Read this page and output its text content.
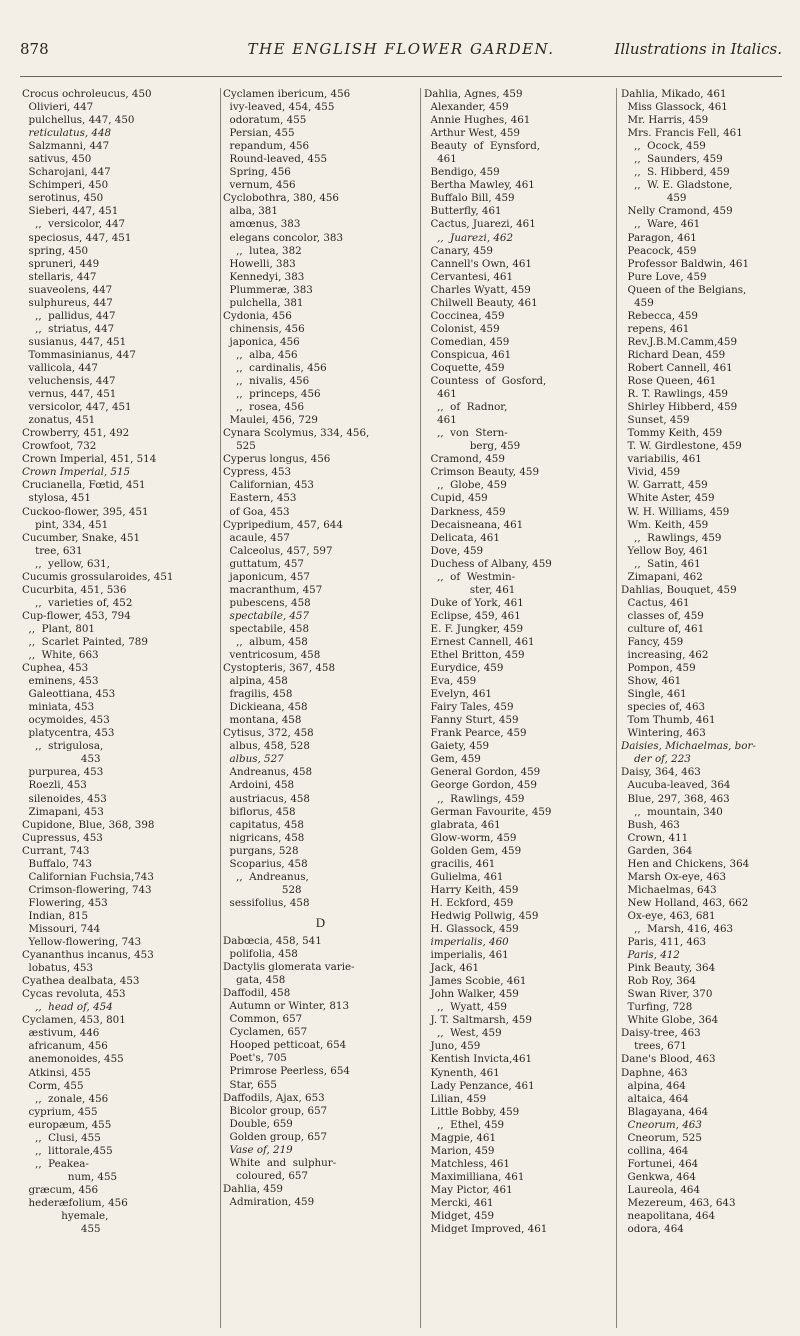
878	THE ENGLISH FLOWER GARDEN.	Illustrations in Italics.
Crocus ochroleucus, 450
Olivieri, 447
pulchellus, 447, 450
reticulatus, 448
Salzmanni, 447
sativus, 450
Scharojani, 447
Schimperi, 450
serotinus, 450
Sieberi, 447, 451
,,  versicolor, 447
speciosus, 447, 451
spring, 450
spruneri, 449
stellaris, 447
suaveolens, 447
sulphureus, 447
,,  pallidus, 447
,,  striatus, 447
susianus, 447, 451
Tommasinianus, 447
vallicola, 447
veluchensis, 447
vernus, 447, 451
versicolor, 447, 451
zonatus, 451
Crowberry, 451, 492
Crowfoot, 732
Crown Imperial, 451, 514
Crown Imperial, 515
Crucianella, Fœtid, 451
stylosa, 451
Cuckoo-flower, 395, 451
pint, 334, 451
Cucumber, Snake, 451
tree, 631
,,  yellow, 631,
Cucumis grossularoides, 451
Cucurbita, 451, 536
,,  varieties of, 452
Cup-flower, 453, 794
,,  Plant, 801
,,  Scarlet Painted, 789
,,  White, 663
Cuphea, 453
eminens, 453
Galeottiana, 453
miniata, 453
ocymoides, 453
platycentra, 453
,,  strigulosa,
453
purpurea, 453
Roezli, 453
silenoides, 453
Zimapani, 453
Cupidone, Blue, 368, 398
Cupressus, 453
Currant, 743
Buffalo, 743
Californian Fuchsia,743
Crimson-flowering, 743
Flowering, 453
Indian, 815
Missouri, 744
Yellow-flowering, 743
Cyananthus incanus, 453
lobatus, 453
Cyathea dealbata, 453
Cycas revoluta, 453
,,  head of, 454
Cyclamen, 453, 801
æstivum, 446
africanum, 456
anemonoides, 455
Atkinsi, 455
Corm, 455
,,  zonale, 456
cyprium, 455
europæum, 455
,,  Clusi, 455
,,  littorale,455
,,  Peakea-
num, 455
græcum, 456
hederæfolium, 456
hyemale,
455
Cyclamen ibericum, 456
ivy-leaved, 454, 455
odoratum, 455
Persian, 455
repandum, 456
Round-leaved, 455
Spring, 456
vernum, 456
Cyclobothra, 380, 456
alba, 381
amœnus, 383
elegans concolor, 383
,,  lutea, 382
Howelli, 383
Kennedyi, 383
Plummeræ, 383
pulchella, 381
Cydonia, 456
chinensis, 456
japonica, 456
,,  alba, 456
,,  cardinalis, 456
,,  nivalis, 456
,,  princeps, 456
,,  rosea, 456
Maulei, 456, 729
Cynara Scolymus, 334, 456,
525
Cyperus longus, 456
Cypress, 453
Californian, 453
Eastern, 453
of Goa, 453
Cypripedium, 457, 644
acaule, 457
Calceolus, 457, 597
guttatum, 457
japonicum, 457
macranthum, 457
pubescens, 458
spectabile, 457
spectabile, 458
,,  album, 458
ventricosum, 458
Cystopteris, 367, 458
alpina, 458
fragilis, 458
Dickieana, 458
montana, 458
Cytisus, 372, 458
albus, 458, 528
albus, 527
Andreanus, 458
Ardoini, 458
austriacus, 458
biflorus, 458
capitatus, 458
nigricans, 458
purgans, 528
Scoparius, 458
,,  Andreanus,
528
sessifolius, 458
D
Dabœcia, 458, 541
polifolia, 458
Dactylis glomerata varie-
gata, 458
Daffodil, 458
Autumn or Winter, 813
Common, 657
Cyclamen, 657
Hooped petticoat, 654
Poet's, 705
Primrose Peerless, 654
Star, 655
Daffodils, Ajax, 653
Bicolor group, 657
Double, 659
Golden group, 657
Vase of, 219
White  and  sulphur-
coloured, 657
Dahlia, 459
Admiration, 459
Dahlia, Agnes, 459
Alexander, 459
Annie Hughes, 461
Arthur West, 459
Beauty  of  Eynsford,
461
Bendigo, 459
Bertha Mawley, 461
Buffalo Bill, 459
Butterfly, 461
Cactus, Juarezi, 461
,,  Juarezi, 462
Canary, 459
Cannell's Own, 461
Cervantesi, 461
Charles Wyatt, 459
Chilwell Beauty, 461
Coccinea, 459
Colonist, 459
Comedian, 459
Conspicua, 461
Coquette, 459
Countess  of  Gosford,
461
,,  of  Radnor,
461
,,  von  Stern-
berg, 459
Cramond, 459
Crimson Beauty, 459
,,  Globe, 459
Cupid, 459
Darkness, 459
Decaisneana, 461
Delicata, 461
Dove, 459
Duchess of Albany, 459
,,  of  Westmin-
ster, 461
Duke of York, 461
Eclipse, 459, 461
E. F. Jungker, 459
Ernest Cannell, 461
Ethel Britton, 459
Eurydice, 459
Eva, 459
Evelyn, 461
Fairy Tales, 459
Fanny Sturt, 459
Frank Pearce, 459
Gaiety, 459
Gem, 459
General Gordon, 459
George Gordon, 459
,,  Rawlings, 459
German Favourite, 459
glabrata, 461
Glow-worm, 459
Golden Gem, 459
gracilis, 461
Gulielma, 461
Harry Keith, 459
H. Eckford, 459
Hedwig Pollwig, 459
H. Glassock, 459
imperialis, 460
imperialis, 461
Jack, 461
James Scobie, 461
John Walker, 459
,,  Wyatt, 459
J. T. Saltmarsh, 459
,,  West, 459
Juno, 459
Kentish Invicta,461
Kynenth, 461
Lady Penzance, 461
Lilian, 459
Little Bobby, 459
,,  Ethel, 459
Magpie, 461
Marion, 459
Matchless, 461
Maximilliana, 461
May Pictor, 461
Mercki, 461
Midget, 459
Midget Improved, 461
Dahlia, Mikado, 461
Miss Glassock, 461
Mr. Harris, 459
Mrs. Francis Fell, 461
,,  Ocock, 459
,,  Saunders, 459
,,  S. Hibberd, 459
,,  W. E. Gladstone,
459
Nelly Cramond, 459
,,  Ware, 461
Paragon, 461
Peacock, 459
Professor Baldwin, 461
Pure Love, 459
Queen of the Belgians,
459
Rebecca, 459
repens, 461
Rev.J.B.M.Camm,459
Richard Dean, 459
Robert Cannell, 461
Rose Queen, 461
R. T. Rawlings, 459
Shirley Hibberd, 459
Sunset, 459
Tommy Keith, 459
T. W. Girdlestone, 459
variabilis, 461
Vivid, 459
W. Garratt, 459
White Aster, 459
W. H. Williams, 459
Wm. Keith, 459
,,  Rawlings, 459
Yellow Boy, 461
,,  Satin, 461
Zimapani, 462
Dahlias, Bouquet, 459
Cactus, 461
classes of, 459
culture of, 461
Fancy, 459
increasing, 462
Pompon, 459
Show, 461
Single, 461
species of, 463
Tom Thumb, 461
Wintering, 463
Daisies, Michaelmas, bor-
der of, 223
Daisy, 364, 463
Aucuba-leaved, 364
Blue, 297, 368, 463
,,  mountain, 340
Bush, 463
Crown, 411
Garden, 364
Hen and Chickens, 364
Marsh Ox-eye, 463
Michaelmas, 643
New Holland, 463, 662
Ox-eye, 463, 681
,,  Marsh, 416, 463
Paris, 411, 463
Paris, 412
Pink Beauty, 364
Rob Roy, 364
Swan River, 370
Turfing, 728
White Globe, 364
Daisy-tree, 463
trees, 671
Dane's Blood, 463
Daphne, 463
alpina, 464
altaica, 464
Blagayana, 464
Cneorum, 463
Cneorum, 525
collina, 464
Fortunei, 464
Genkwa, 464
Laureola, 464
Mezereum, 463, 643
neapolitana, 464
odora, 464
